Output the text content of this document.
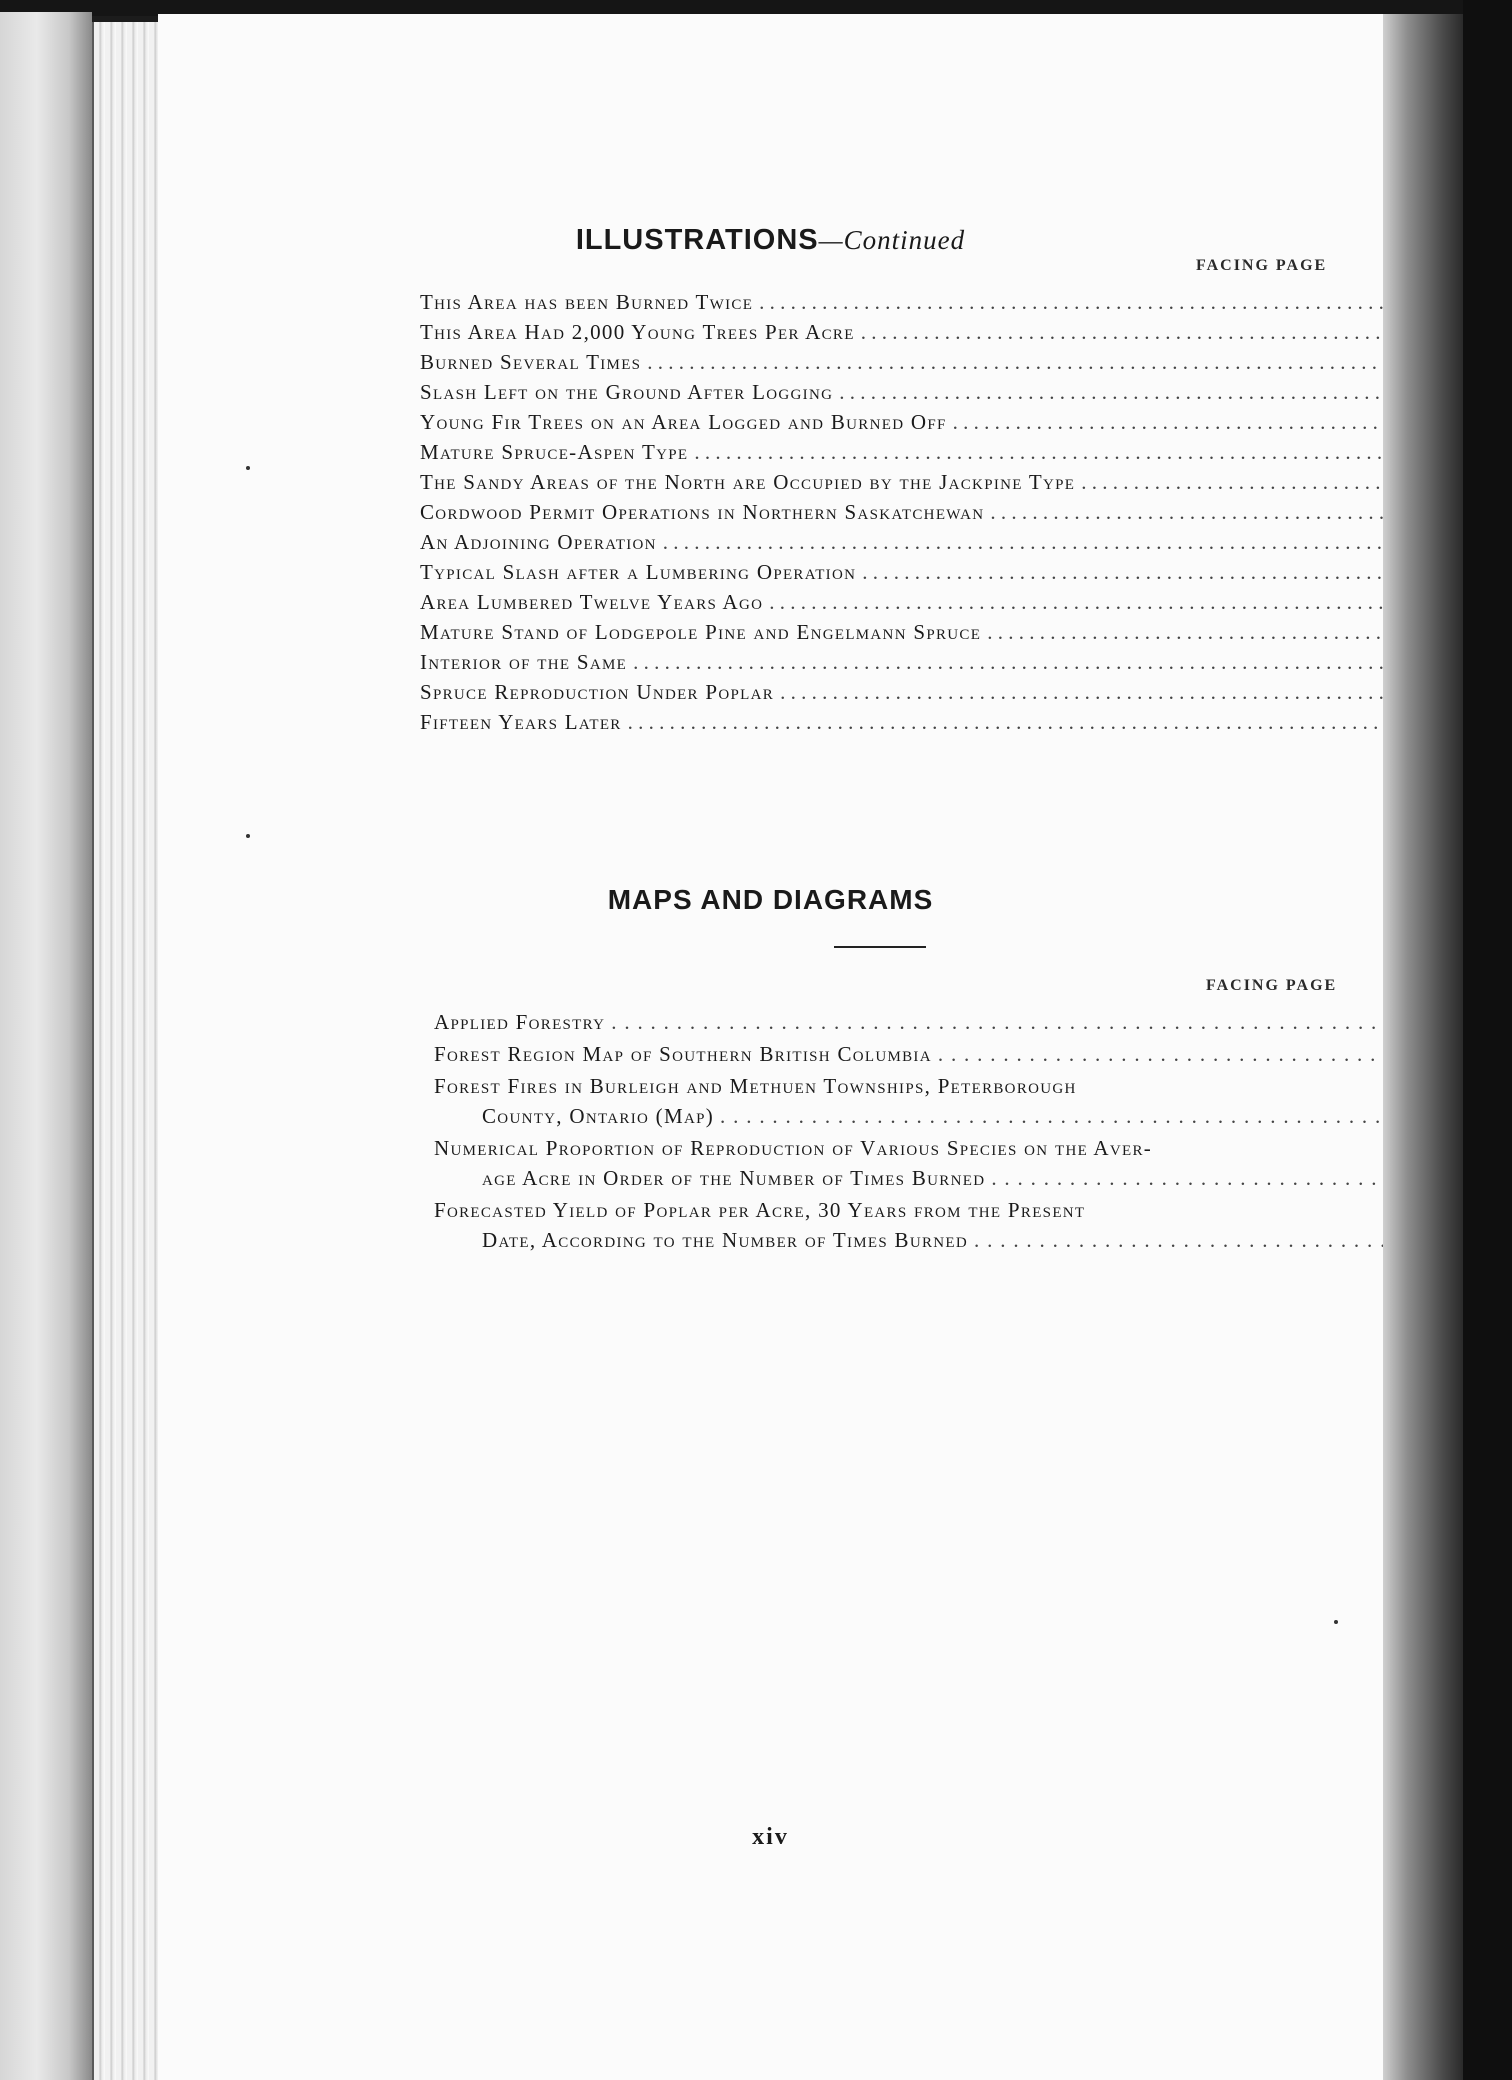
ILLUSTRATIONS—Continued
FACING PAGE
This Area has been Burned Twice
. . .
This Area Had 2,000 Young Trees Per Acre
. . .
Burned Several Times
. . .
Slash Left on the Ground After Logging
. . .
Young Fir Trees on an Area Logged and Burned Off
. . .
Mature Spruce-Aspen Type
. . .
The Sandy Areas of the North are Occupied by the Jackpine Type
. . .
Cordwood Permit Operations in Northern Saskatchewan
. . .
An Adjoining Operation
. . .
Typical Slash after a Lumbering Operation
. . .
Area Lumbered Twelve Years Ago
. . .
Mature Stand of Lodgepole Pine and Engelmann Spruce
. . .
Interior of the Same
. . .
Spruce Reproduction Under Poplar
. . .
Fifteen Years Later
. . .
MAPS AND DIAGRAMS
FACING PAGE
Applied Forestry
. . .
Forest Region Map of Southern British Columbia
. . .
Forest Fires in Burleigh and Methuen Townships, Peterborough
County, Ontario (Map)
. . .
Numerical Proportion of Reproduction of Various Species on the Aver-
age Acre in Order of the Number of Times Burned
. . .
Forecasted Yield of Poplar per Acre, 30 Years from the Present
Date, According to the Number of Times Burned
. . .
xiv
